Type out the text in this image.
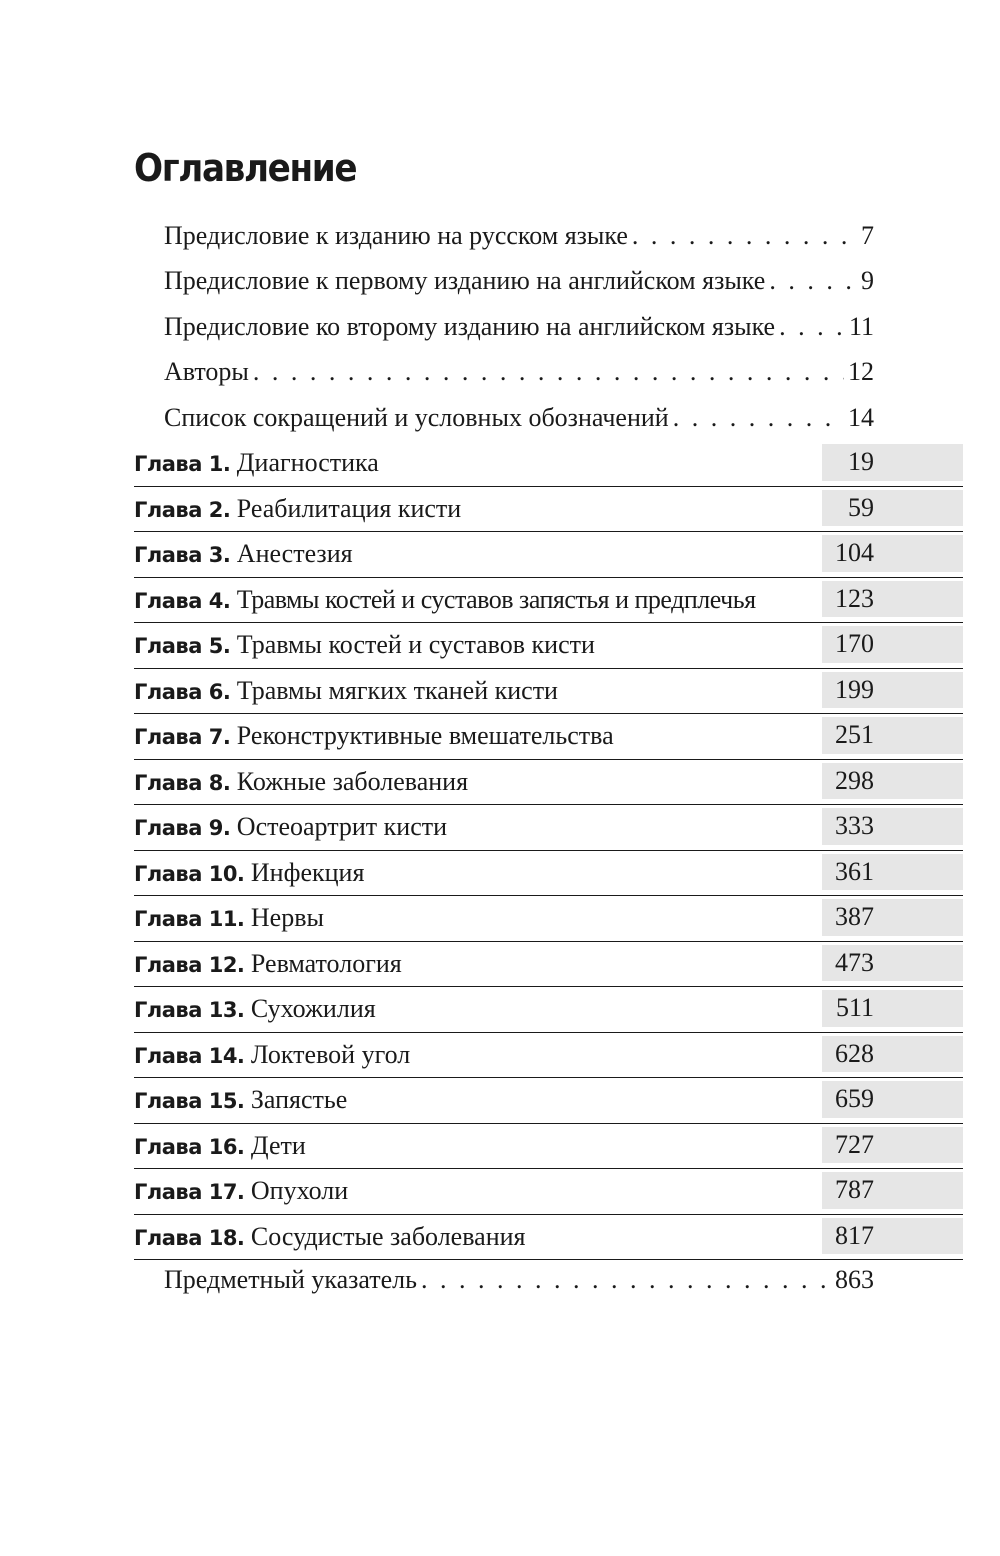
Оглавление
Предисловие к изданию на русском языке . . .	7
Предисловие к первому изданию на английском языке . . .	9
Предисловие ко второму изданию на английском языке . . .	11
Авторы . . .	12
Список сокращений и условных обозначений . . .	14
Глава 1. Диагностика	19
Глава 2. Реабилитация кисти	59
Глава 3. Анестезия	104
Глава 4. Травмы костей и суставов запястья и предплечья	123
Глава 5. Травмы костей и суставов кисти	170
Глава 6. Травмы мягких тканей кисти	199
Глава 7. Реконструктивные вмешательства	251
Глава 8. Кожные заболевания	298
Глава 9. Остеоартрит кисти	333
Глава 10. Инфекция	361
Глава 11. Нервы	387
Глава 12. Ревматология	473
Глава 13. Сухожилия	511
Глава 14. Локтевой угол	628
Глава 15. Запястье	659
Глава 16. Дети	727
Глава 17. Опухоли	787
Глава 18. Сосудистые заболевания	817
Предметный указатель . . .	863
